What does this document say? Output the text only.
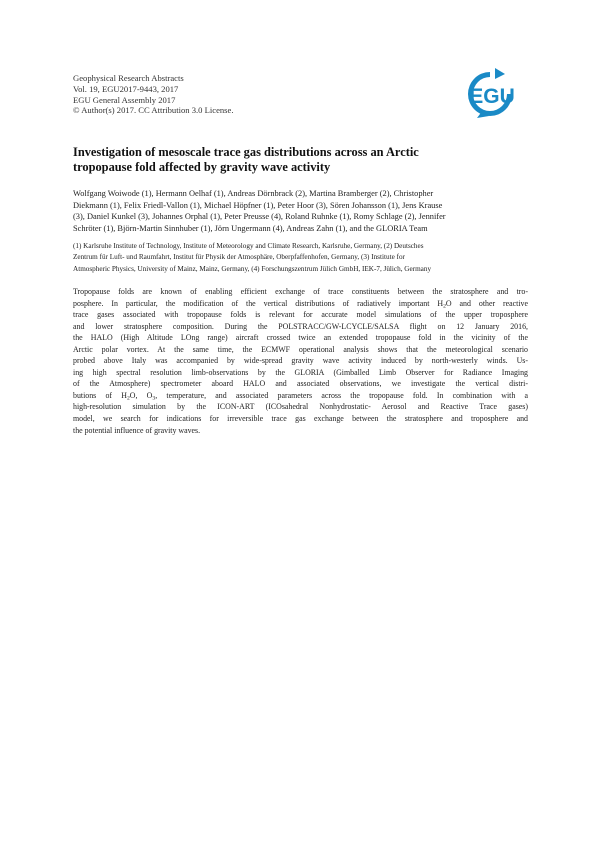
Geophysical Research Abstracts
Vol. 19, EGU2017-9443, 2017
EGU General Assembly 2017
© Author(s) 2017. CC Attribution 3.0 License.
EGU
Investigation of mesoscale trace gas distributions across an Arctic
tropopause fold affected by gravity wave activity
Wolfgang Woiwode (1), Hermann Oelhaf (1), Andreas Dörnbrack (2), Martina Bramberger (2), Christopher
Diekmann (1), Felix Friedl-Vallon (1), Michael Höpfner (1), Peter Hoor (3), Sören Johansson (1), Jens Krause
(3), Daniel Kunkel (3), Johannes Orphal (1), Peter Preusse (4), Roland Ruhnke (1), Romy Schlage (2), Jennifer
Schröter (1), Björn-Martin Sinnhuber (1), Jörn Ungermann (4), Andreas Zahn (1), and the GLORIA Team
(1) Karlsruhe Institute of Technology, Institute of Meteorology and Climate Research, Karlsruhe, Germany, (2) Deutsches
Zentrum für Luft- und Raumfahrt, Institut für Physik der Atmosphäre, Oberpfaffenhofen, Germany, (3) Institute for
Atmospheric Physics, University of Mainz, Mainz, Germany, (4) Forschungszentrum Jülich GmbH, IEK-7, Jülich, Germany
Tropopause folds are known of enabling efficient exchange of trace constituents between the stratosphere and tro-
posphere. In particular, the modification of the vertical distributions of radiatively important $H_2O$ and other reactive
trace gases associated with tropopause folds is relevant for accurate model simulations of the upper troposphere
and lower stratosphere composition. During the POLSTRACC/GW-LCYCLE/SALSA flight on 12 January 2016,
the HALO (High Altitude LOng range) aircraft crossed twice an extended tropopause fold in the vicinity of the
Arctic polar vortex. At the same time, the ECMWF operational analysis shows that the meteorological scenario
probed above Italy was accompanied by wide-spread gravity wave activity induced by north-westerly winds. Us-
ing high spectral resolution limb-observations by the GLORIA (Gimballed Limb Observer for Radiance Imaging
of the Atmosphere) spectrometer aboard HALO and associated observations, we investigate the vertical distri-
butions of $H_2O$, $O_3$, temperature, and associated parameters across the tropopause fold. In combination with a
high-resolution simulation by the ICON-ART (ICOsahedral Nonhydrostatic- Aerosol and Reactive Trace gases)
model, we search for indications for irreversible trace gas exchange between the stratosphere and troposphere and
the potential influence of gravity waves.
